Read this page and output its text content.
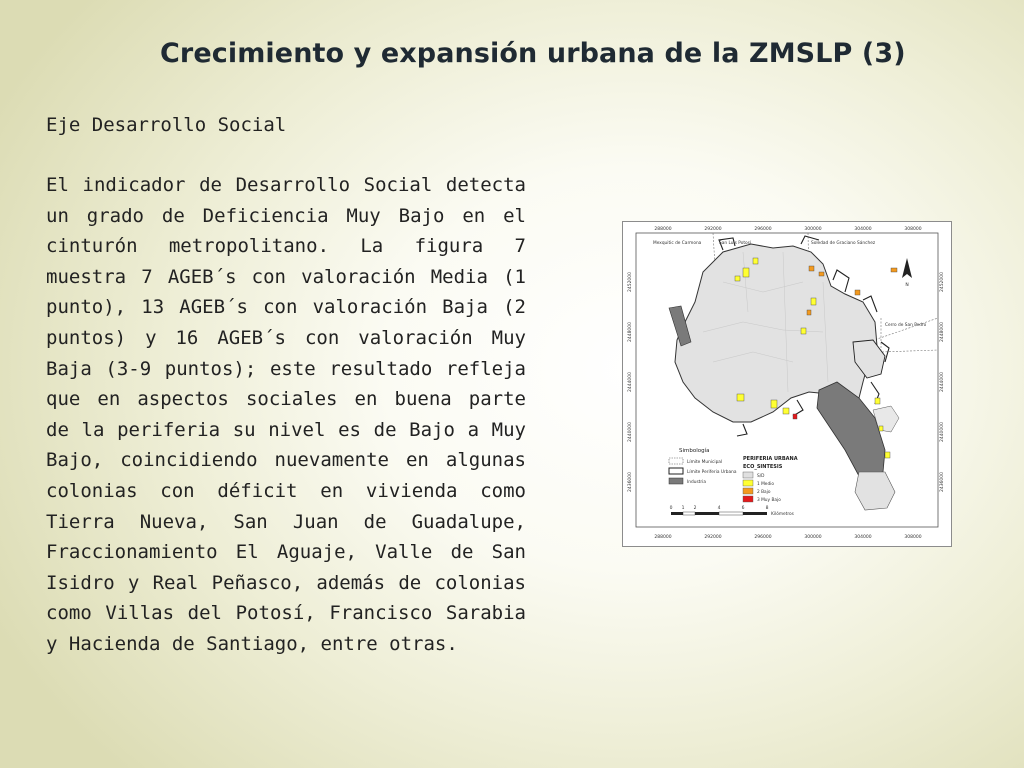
Crecimiento y expansión urbana de la ZMSLP (3)
Eje Desarrollo Social

El indicador de Desarrollo Social detecta un grado de Deficiencia Muy Bajo en el cinturón metropolitano. La figura 7 muestra 7 AGEB´s con valoración Media (1 punto), 13 AGEB´s con valoración Baja (2 puntos) y 16 AGEB´s con valoración Muy Baja (3-9 puntos); este resultado refleja que en aspectos sociales en buena parte de la periferia su nivel es de Bajo a Muy Bajo, coincidiendo nuevamente en algunas colonias con déficit en vivienda como Tierra Nueva, San Juan de Guadalupe, Fraccionamiento El Aguaje, Valle de San Isidro y Real Peñasco, además de colonias como Villas del Potosí, Francisco Sarabia y Hacienda de Santiago, entre otras.

288000	292000	296000	300000	304000	308000
288000	292000	296000	300000	304000	308000
2452000
2448000
2444000
2440000
2436000
2452000
2448000
2444000
2440000
2436000
Mexquitic de Carmona	San Luis Potosí	Soledad de Graciano Sánchez
Cerro de San Pedro
N
Simbología
Límite Municipal
Límite Periferia Urbana
Industria
PERIFERIA URBANA
ECO_SINTESIS
S/D
1 Medio
2 Bajo
3 Muy Bajo
0 1 2	4	6	8
Kilómetros
